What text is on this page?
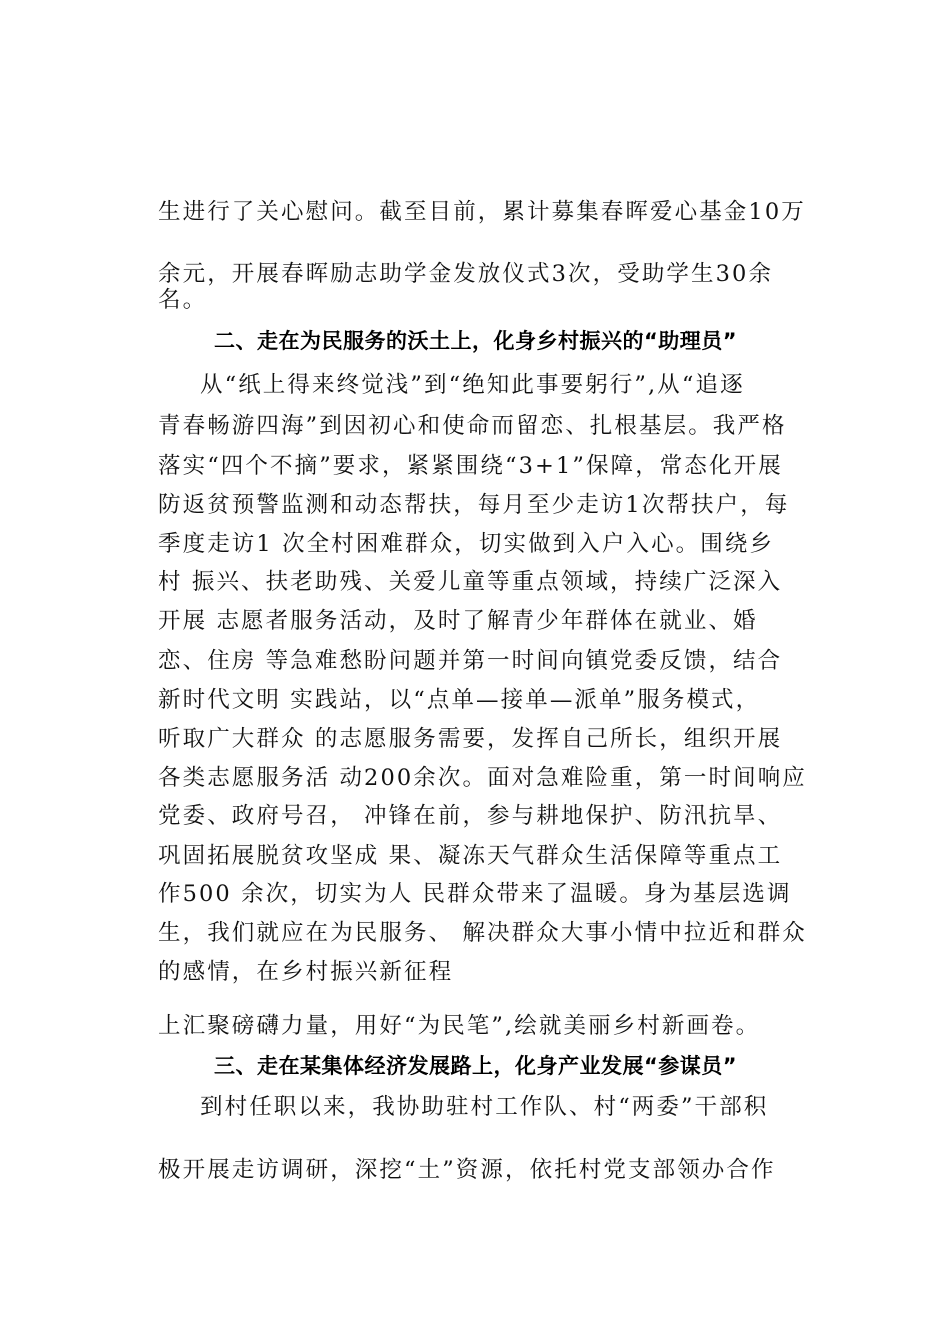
生进行了关心慰问。截至目前，累计募集春晖爱心基金10万
余元，开展春晖励志助学金发放仪式3次，受助学生30余
名。
二、走在为民服务的沃土上，化身乡村振兴的“助理员”
从“纸上得来终觉浅”到“绝知此事要躬行”,从“追逐
青春畅游四海”到因初心和使命而留恋、扎根基层。我严格
落实“四个不摘”要求，紧紧围绕“3+1”保障，常态化开展
防返贫预警监测和动态帮扶，每月至少走访1次帮扶户，每
季度走访1 次全村困难群众，切实做到入户入心。围绕乡
村 振兴、扶老助残、关爱儿童等重点领域，持续广泛深入
开展 志愿者服务活动，及时了解青少年群体在就业、婚
恋、住房 等急难愁盼问题并第一时间向镇党委反馈，结合
新时代文明 实践站，以“点单—接单—派单”服务模式，
听取广大群众 的志愿服务需要，发挥自己所长，组织开展
各类志愿服务活 动200余次。面对急难险重，第一时间响应
党委、政府号召， 冲锋在前，参与耕地保护、防汛抗旱、
巩固拓展脱贫攻坚成 果、凝冻天气群众生活保障等重点工
作500 余次，切实为人 民群众带来了温暖。身为基层选调
生，我们就应在为民服务、 解决群众大事小情中拉近和群众
的感情，在乡村振兴新征程
上汇聚磅礴力量，用好“为民笔”,绘就美丽乡村新画卷。
三、走在某集体经济发展路上，化身产业发展“参谋员”
到村任职以来，我协助驻村工作队、村“两委”干部积
极开展走访调研，深挖“土”资源，依托村党支部领办合作
